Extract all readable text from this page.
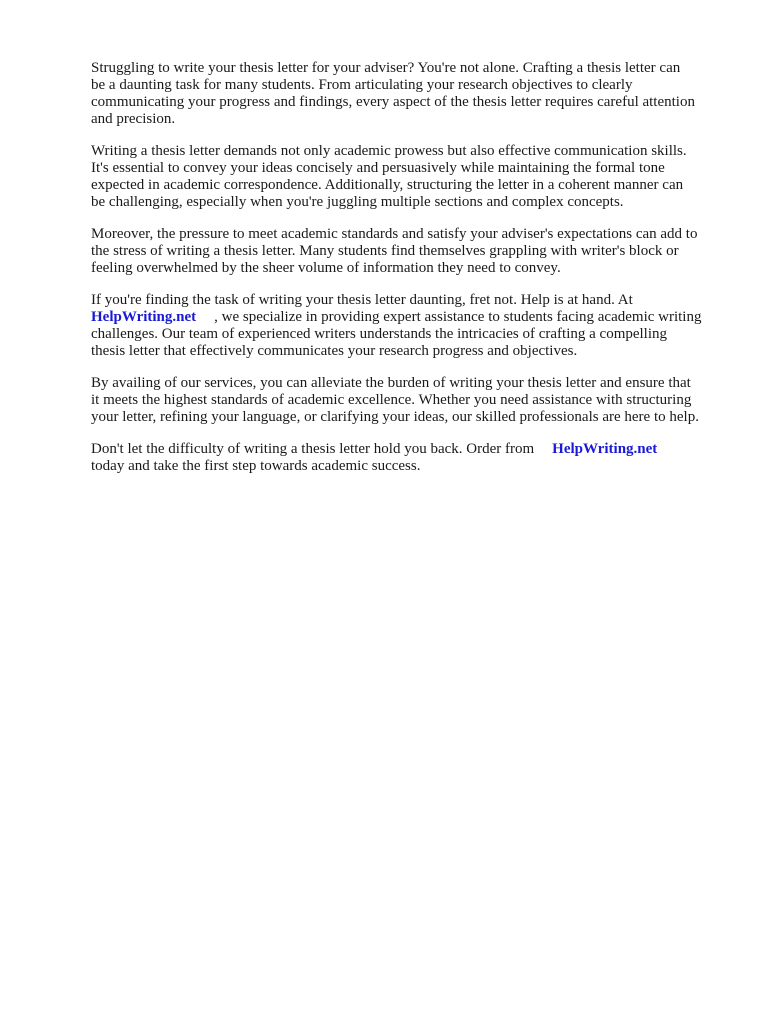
Struggling to write your thesis letter for your adviser? You're not alone. Crafting a thesis letter can
be a daunting task for many students. From articulating your research objectives to clearly
communicating your progress and findings, every aspect of the thesis letter requires careful attention
and precision.

Writing a thesis letter demands not only academic prowess but also effective communication skills.
It's essential to convey your ideas concisely and persuasively while maintaining the formal tone
expected in academic correspondence. Additionally, structuring the letter in a coherent manner can
be challenging, especially when you're juggling multiple sections and complex concepts.

Moreover, the pressure to meet academic standards and satisfy your adviser's expectations can add to
the stress of writing a thesis letter. Many students find themselves grappling with writer's block or
feeling overwhelmed by the sheer volume of information they need to convey.

If you're finding the task of writing your thesis letter daunting, fret not. Help is at hand. At
HelpWriting.net , we specialize in providing expert assistance to students facing academic writing
challenges. Our team of experienced writers understands the intricacies of crafting a compelling
thesis letter that effectively communicates your research progress and objectives.

By availing of our services, you can alleviate the burden of writing your thesis letter and ensure that
it meets the highest standards of academic excellence. Whether you need assistance with structuring
your letter, refining your language, or clarifying your ideas, our skilled professionals are here to help.

Don't let the difficulty of writing a thesis letter hold you back. Order from HelpWriting.net
today and take the first step towards academic success.
